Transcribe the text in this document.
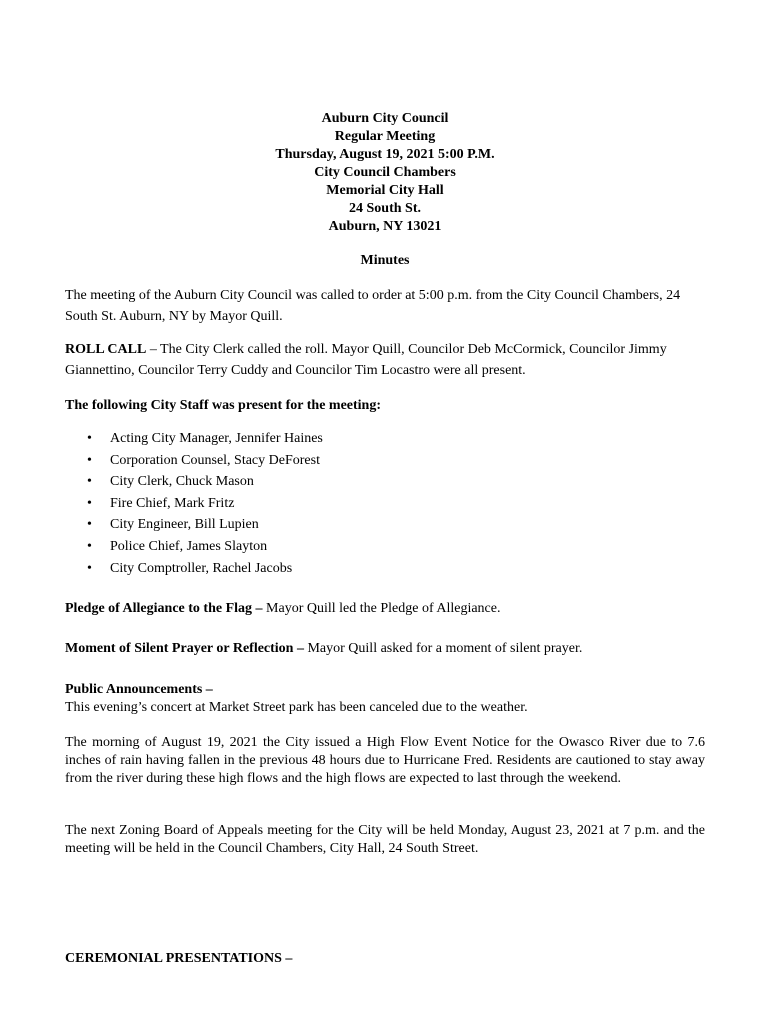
Auburn City Council
Regular Meeting
Thursday, August 19, 2021 5:00 P.M.
City Council Chambers
Memorial City Hall
24 South St.
Auburn, NY 13021
Minutes

The meeting of the Auburn City Council was called to order at 5:00 p.m. from the City Council Chambers, 24 South St. Auburn, NY by Mayor Quill.

ROLL CALL – The City Clerk called the roll. Mayor Quill, Councilor Deb McCormick, Councilor Jimmy Giannettino, Councilor Terry Cuddy and Councilor Tim Locastro were all present.

The following City Staff was present for the meeting:

• Acting City Manager, Jennifer Haines
• Corporation Counsel, Stacy DeForest
• City Clerk, Chuck Mason
• Fire Chief, Mark Fritz
• City Engineer, Bill Lupien
• Police Chief, James Slayton
• City Comptroller, Rachel Jacobs

Pledge of Allegiance to the Flag – Mayor Quill led the Pledge of Allegiance.

Moment of Silent Prayer or Reflection – Mayor Quill asked for a moment of silent prayer.

Public Announcements –

This evening’s concert at Market Street park has been canceled due to the weather.

The morning of August 19, 2021 the City issued a High Flow Event Notice for the Owasco River due to 7.6 inches of rain having fallen in the previous 48 hours due to Hurricane Fred. Residents are cautioned to stay away from the river during these high flows and the high flows are expected to last through the weekend.

The next Zoning Board of Appeals meeting for the City will be held Monday, August 23, 2021 at 7 p.m. and the meeting will be held in the Council Chambers, City Hall, 24 South Street.

CEREMONIAL PRESENTATIONS –
